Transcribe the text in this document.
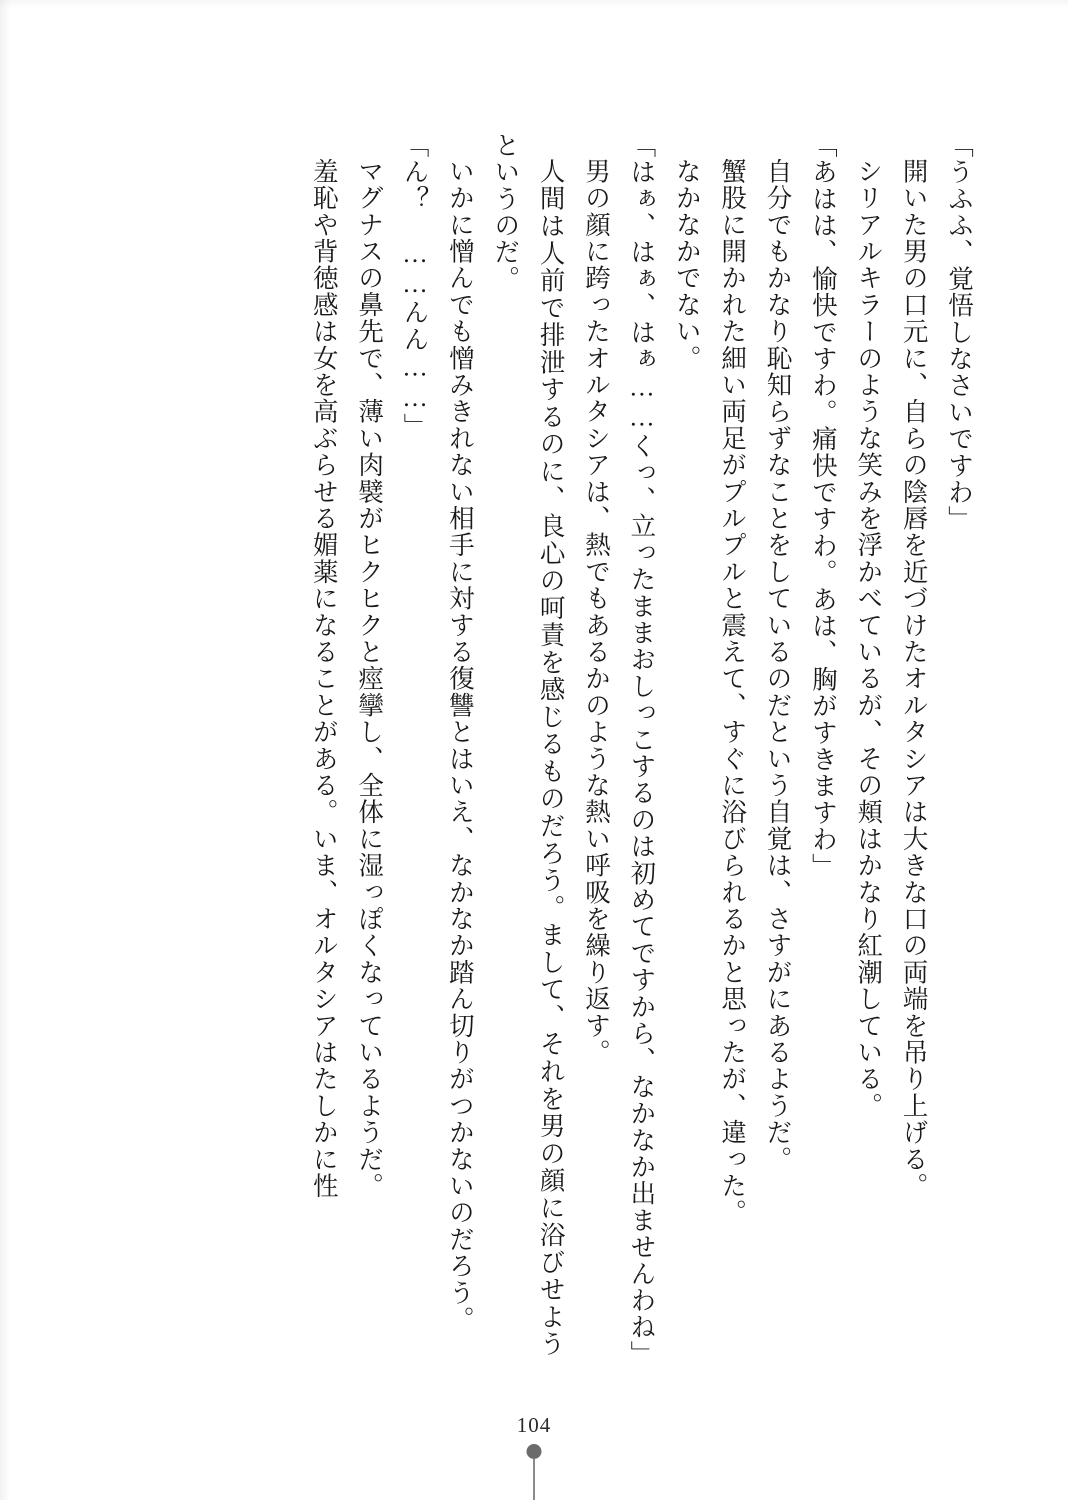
「うふふ、覚悟しなさいですわ」

開いた男の口元に、自らの陰唇を近づけたオルタシアは大きな口の両端を吊り上げる。

シリアルキラーのような笑みを浮かべているが、その頬はかなり紅潮している。

「あはは、愉快ですわ。痛快ですわ。あは、胸がすきますわ」

自分でもかなり恥知らずなことをしているのだという自覚は、さすがにあるようだ。

蟹股に開かれた細い両足がプルプルと震えて、すぐに浴びられるかと思ったが、違った。

なかなかでない。

「はぁ、はぁ、はぁ……くっ、立ったままおしっこするのは初めてですから、なかなか出ませんわね」

男の顔に跨ったオルタシアは、熱でもあるかのような熱い呼吸を繰り返す。

人間は人前で排泄するのに、良心の呵責を感じるものだろう。まして、それを男の顔に浴びせようというのだ。

いかに憎んでも憎みきれない相手に対する復讐とはいえ、なかなか踏ん切りがつかないのだろう。

「ん？　……んん……」

マグナスの鼻先で、薄い肉襞がヒクヒクと痙攣し、全体に湿っぽくなっているようだ。

羞恥や背徳感は女を高ぶらせる媚薬になることがある。いま、オルタシアはたしかに性

104
